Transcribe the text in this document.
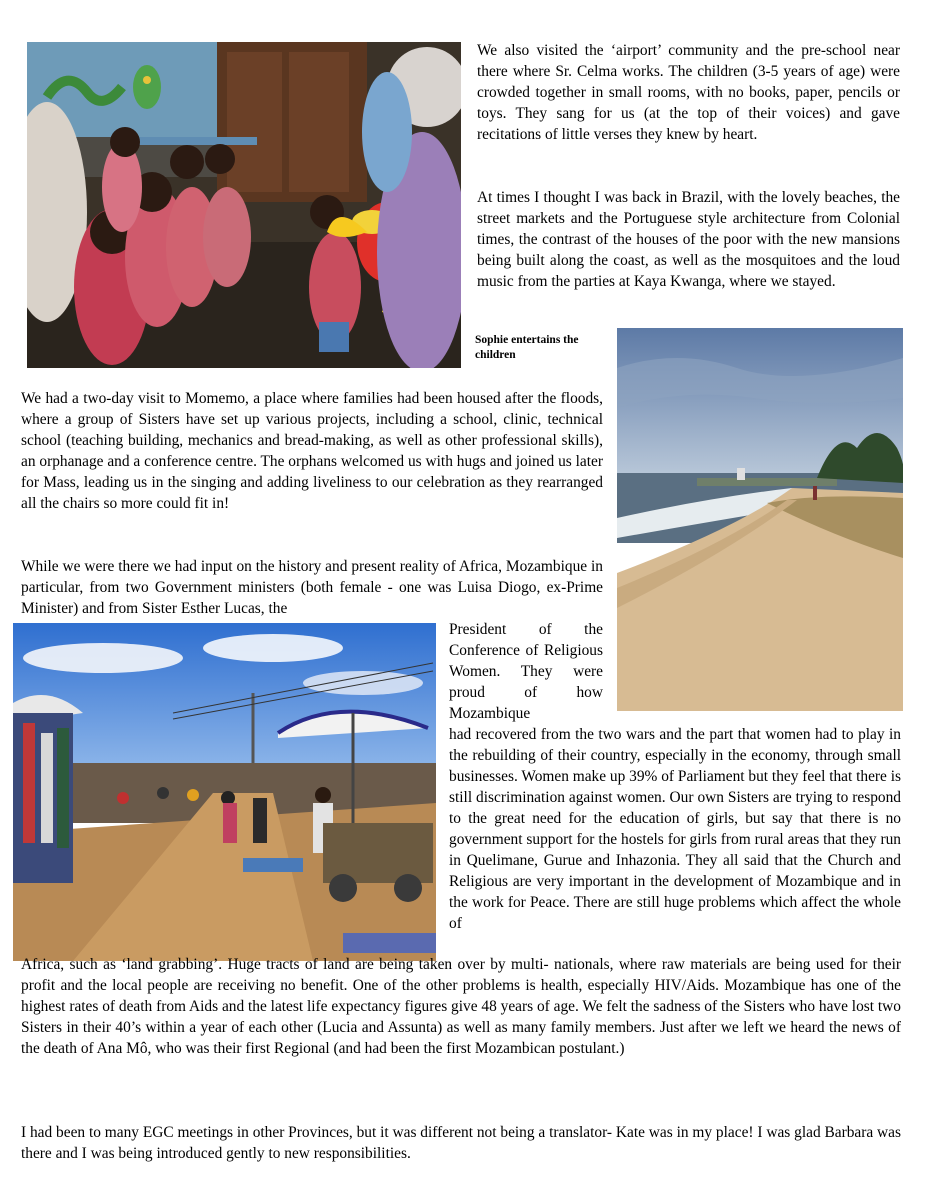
We also visited the ‘airport’ community and the pre-school near there where Sr. Celma works. The children (3-5 years of age) were crowded together in small rooms, with no books, paper, pencils or toys. They sang for us (at the top of their voices) and gave recitations of little verses they knew by heart.

At times I thought I was back in Brazil, with the lovely beaches, the street markets and the Portuguese style architecture from Colonial times, the contrast of the houses of the poor with the new mansions being built along the coast, as well as the mosquitoes and the loud music from the parties at Kaya Kwanga, where we stayed.

Sophie entertains the children

We had a two-day visit to Momemo, a place where families had been housed after the floods, where a group of Sisters have set up various projects, including a school, clinic, technical school (teaching building, mechanics and bread-making, as well as other professional skills), an orphanage and a conference centre. The orphans welcomed us with hugs and joined us later for Mass, leading us in the singing and adding liveliness to our celebration as they rearranged all the chairs so more could fit in!

While we were there we had input on the history and present reality of Africa, Mozambique in particular, from two Government ministers (both female - one was Luisa Diogo, ex-Prime Minister) and from Sister Esther Lucas, the

President of the Conference of Religious Women. They were proud of how Mozambique

had recovered from the two wars and the part that women had to play in the rebuilding of their country, especially in the economy, through small businesses. Women make up 39% of Parliament but they feel that there is still discrimination against women. Our own Sisters are trying to respond to the great need for the education of girls, but say that there is no government support for the hostels for girls from rural areas that they run in Quelimane, Gurue and Inhazonia. They all said that the Church and Religious are very important in the development of Mozambique and in the work for Peace. There are still huge problems which affect the whole of

Africa, such as ‘land grabbing’. Huge tracts of land are being taken over by multi- nationals, where raw materials are being used for their profit and the local people are receiving no benefit. One of the other problems is health, especially HIV/Aids. Mozambique has one of the highest rates of death from Aids and the latest life expectancy figures give 48 years of age. We felt the sadness of the Sisters who have lost two Sisters in their 40’s within a year of each other (Lucia and Assunta) as well as many family members. Just after we left we heard the news of the death of Ana Mô, who was their first Regional (and had been the first Mozambican postulant.)

I had been to many EGC meetings in other Provinces, but it was different not being a translator- Kate was in my place! I was glad Barbara was there and I was being introduced gently to new responsibilities.
